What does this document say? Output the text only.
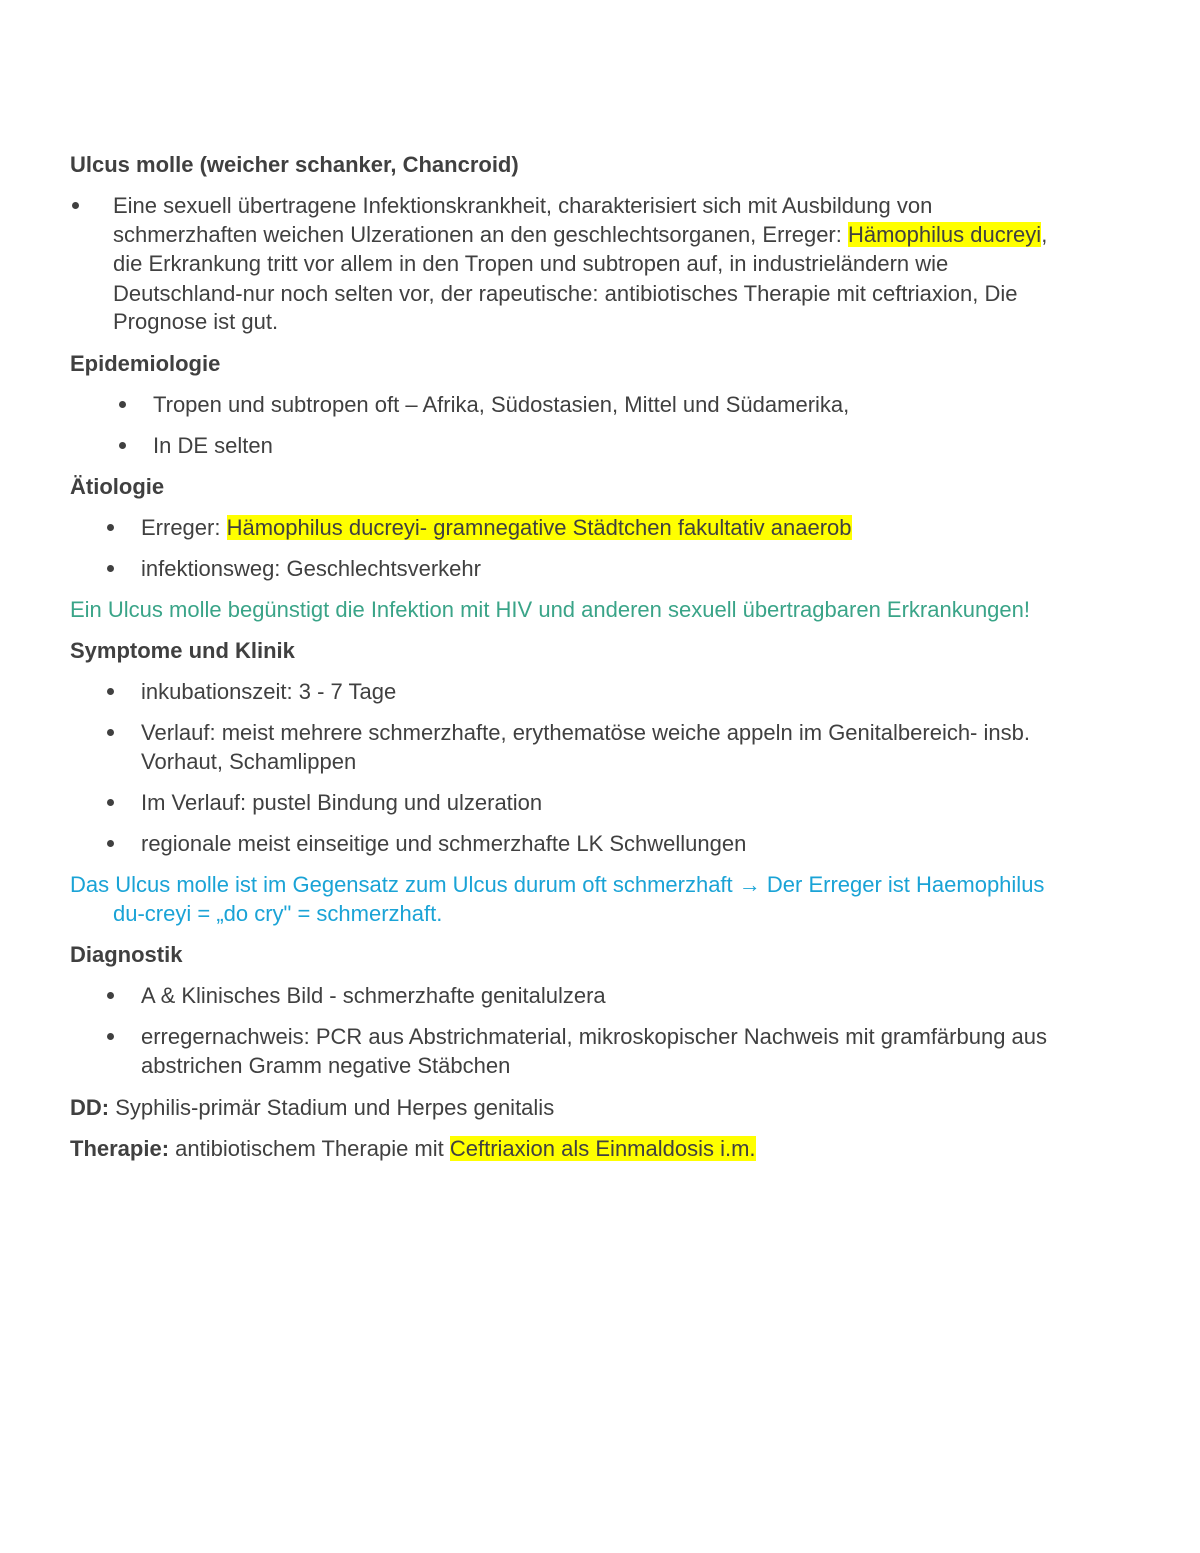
Ulcus molle (weicher schanker, Chancroid)
Eine sexuell übertragene Infektionskrankheit, charakterisiert sich mit Ausbildung von
schmerzhaften weichen Ulzerationen an den geschlechtsorganen, Erreger: Hämophilus ducreyi,
die Erkrankung tritt vor allem in den Tropen und subtropen auf, in industrieländern wie
Deutschland-nur noch selten vor, der rapeutische: antibiotisches Therapie mit ceftriaxion, Die
Prognose ist gut.
Epidemiologie
Tropen und subtropen oft – Afrika, Südostasien, Mittel und Südamerika,
In DE selten
Ätiologie
Erreger: Hämophilus ducreyi- gramnegative Städtchen fakultativ anaerob
infektionsweg: Geschlechtsverkehr
Ein Ulcus molle begünstigt die Infektion mit HIV und anderen sexuell übertragbaren Erkrankungen!
Symptome und Klinik
inkubationszeit: 3 - 7 Tage
Verlauf: meist mehrere schmerzhafte, erythematöse weiche appeln im Genitalbereich- insb.
Vorhaut, Schamlippen
Im Verlauf: pustel Bindung und ulzeration
regionale meist einseitige und schmerzhafte LK Schwellungen
Das Ulcus molle ist im Gegensatz zum Ulcus durum oft schmerzhaft → Der Erreger ist Haemophilus
du-creyi = „do cry" = schmerzhaft.
Diagnostik
A & Klinisches Bild - schmerzhafte genitalulzera
erregernachweis: PCR aus Abstrichmaterial, mikroskopischer Nachweis mit gramfärbung aus
abstrichen Gramm negative Stäbchen
DD: Syphilis-primär Stadium und Herpes genitalis
Therapie: antibiotischem Therapie mit Ceftriaxion als Einmaldosis i.m.
